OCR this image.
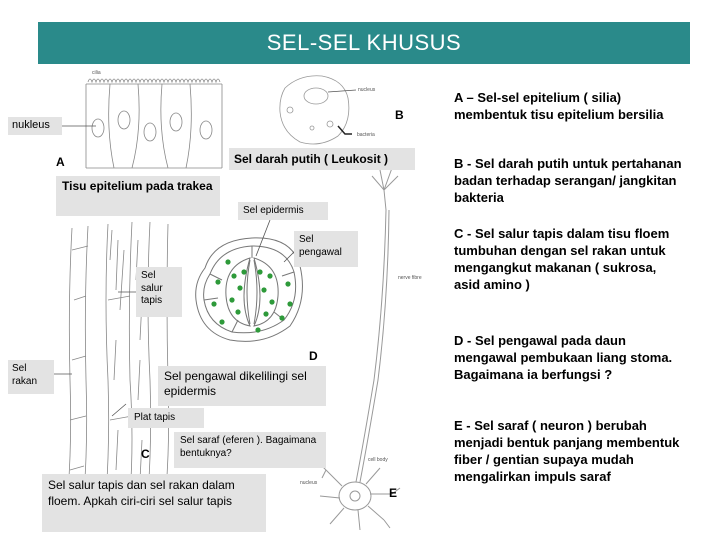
SEL-SEL KHUSUS
cilia
nucleus
bacteria
nerve fibre
cell body
nucleus
A
B
C
D
E
nukleus
Tisu epitelium pada trakea
Sel darah putih ( Leukosit )
Sel epidermis
Sel pengawal
Sel salur tapis
Sel rakan	Sel pengawal dikelilingi sel epidermis
Plat tapis
Sel saraf (eferen ). Bagaimana bentuknya?
Sel salur tapis dan sel rakan dalam floem. Apkah ciri-ciri sel salur tapis
A – Sel-sel epitelium ( silia) membentuk tisu epitelium bersilia
B - Sel darah putih untuk pertahanan badan terhadap serangan/ jangkitan bakteria
C - Sel salur tapis dalam tisu floem tumbuhan dengan sel rakan untuk mengangkut makanan ( sukrosa, asid amino )
D - Sel pengawal pada daun mengawal pembukaan liang stoma. Bagaimana ia berfungsi ?
E - Sel saraf ( neuron ) berubah menjadi bentuk panjang membentuk fiber / gentian supaya mudah mengalirkan impuls saraf
